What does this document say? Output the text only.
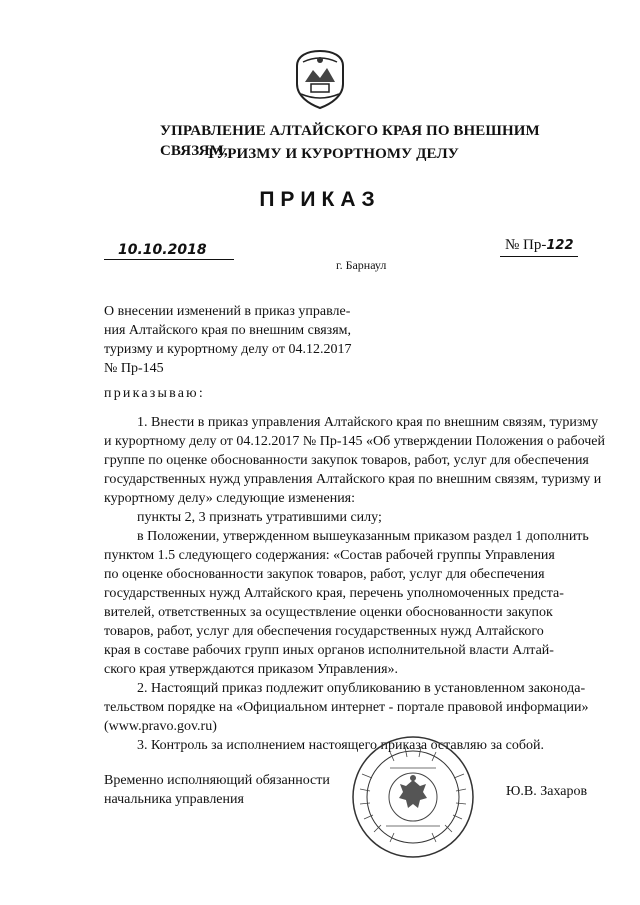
УПРАВЛЕНИЕ АЛТАЙСКОГО КРАЯ ПО ВНЕШНИМ СВЯЗЯМ,
ТУРИЗМУ И КУРОРТНОМУ ДЕЛУ
ПРИКАЗ
10.10.2018	№ Пр-122
г. Барнаул
О внесении изменений в приказ управле-
ния Алтайского края по внешним связям,
туризму и курортному делу от 04.12.2017
№ Пр-145
приказываю:
1. Внести в приказ управления Алтайского края по внешним связям, туризму
и курортному делу от 04.12.2017 № Пр-145 «Об утверждении Положения о рабочей
группе по оценке обоснованности закупок товаров, работ, услуг для обеспечения
государственных нужд управления Алтайского края по внешним связям, туризму и
курортному делу» следующие изменения:
пункты 2, 3 признать утратившими силу;
в Положении, утвержденном вышеуказанным приказом раздел 1 дополнить
пунктом 1.5 следующего содержания: «Состав рабочей группы Управления
по оценке обоснованности закупок товаров, работ, услуг для обеспечения
государственных нужд Алтайского края, перечень уполномоченных предста-
вителей, ответственных за осуществление оценки обоснованности закупок
товаров, работ, услуг для обеспечения государственных нужд Алтайского
края в составе рабочих групп иных органов исполнительной власти Алтай-
ского края утверждаются приказом Управления».
2. Настоящий приказ подлежит опубликованию в установленном законода-
тельством порядке на «Официальном интернет - портале правовой информации»
(www.pravo.gov.ru)
3. Контроль за исполнением настоящего приказа оставляю за собой.
Временно исполняющий обязанности
начальника управления
Ю.В. Захаров
